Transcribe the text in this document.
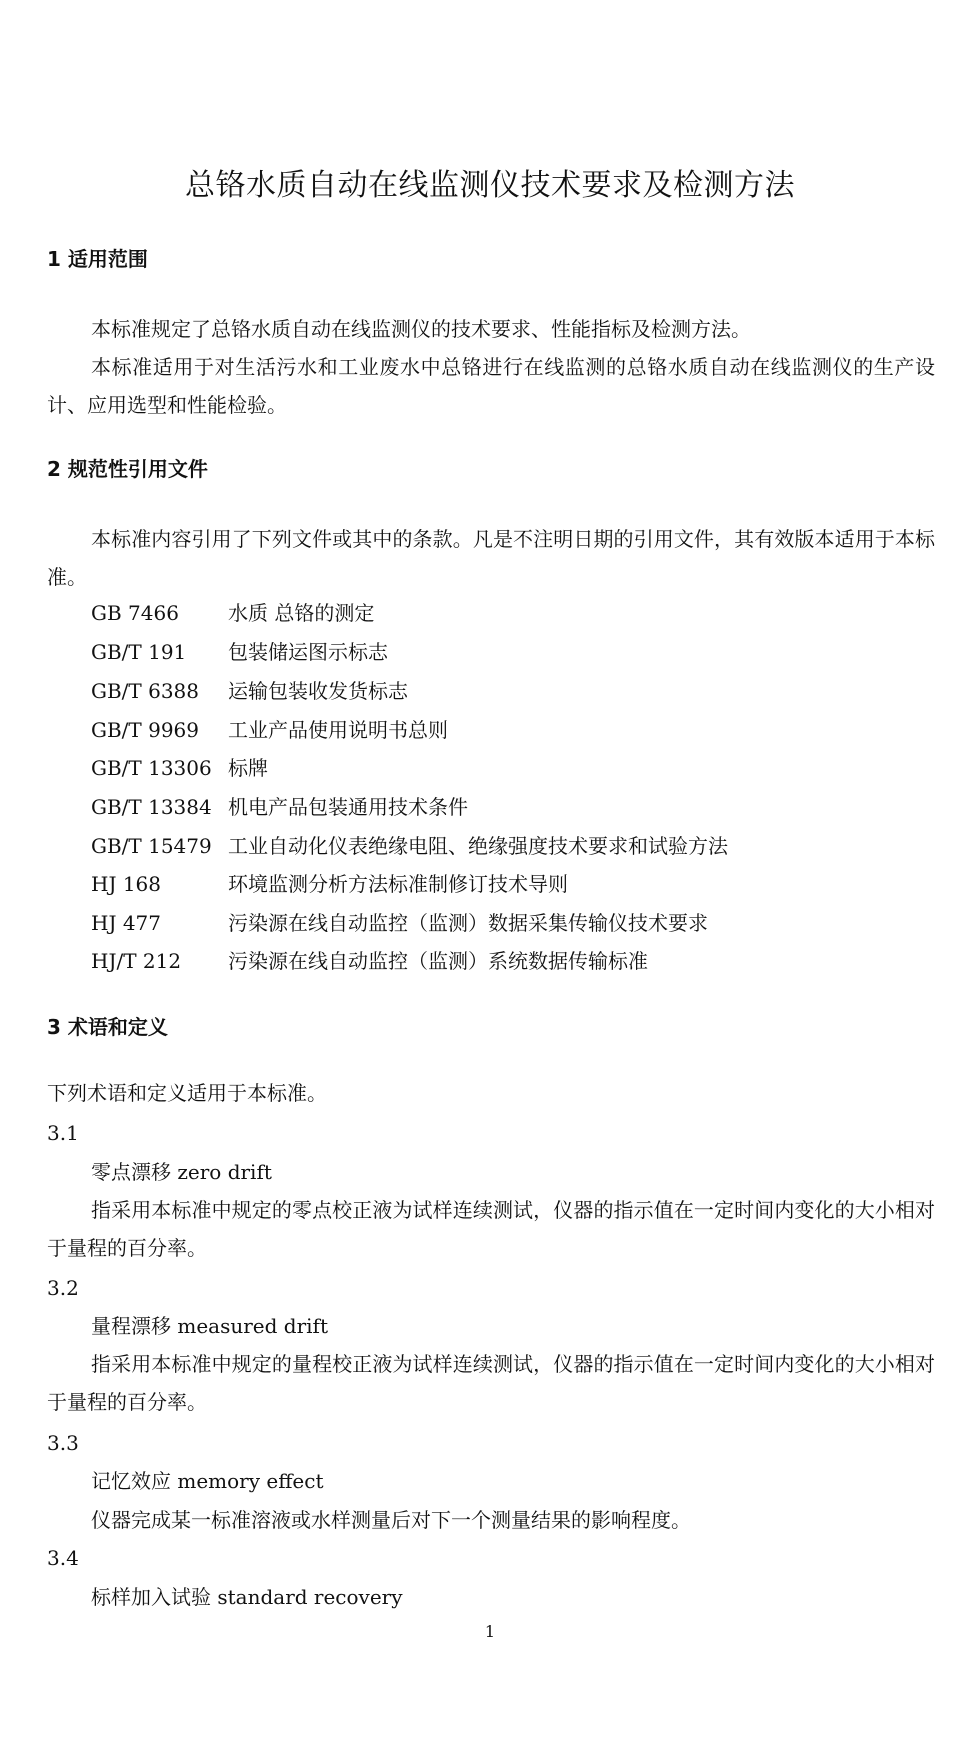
总铬水质自动在线监测仪技术要求及检测方法
1 适用范围
本标准规定了总铬水质自动在线监测仪的技术要求、性能指标及检测方法。
本标准适用于对生活污水和工业废水中总铬进行在线监测的总铬水质自动在线监测仪的生产设计、应用选型和性能检验。
2 规范性引用文件
本标准内容引用了下列文件或其中的条款。凡是不注明日期的引用文件，其有效版本适用于本标准。
GB 7466 水质 总铬的测定
GB/T 191 包装储运图示标志
GB/T 6388 运输包装收发货标志
GB/T 9969 工业产品使用说明书总则
GB/T 13306 标牌
GB/T 13384 机电产品包装通用技术条件
GB/T 15479 工业自动化仪表绝缘电阻、绝缘强度技术要求和试验方法
HJ 168	环境监测分析方法标准制修订技术导则
HJ 477	污染源在线自动监控（监测）数据采集传输仪技术要求
HJ/T 212 污染源在线自动监控（监测）系统数据传输标准
3 术语和定义
下列术语和定义适用于本标准。
3.1
零点漂移 zero drift
指采用本标准中规定的零点校正液为试样连续测试，仪器的指示值在一定时间内变化的大小相对于量程的百分率。
3.2
量程漂移 measured drift
指采用本标准中规定的量程校正液为试样连续测试，仪器的指示值在一定时间内变化的大小相对于量程的百分率。
3.3
记忆效应 memory effect
仪器完成某一标准溶液或水样测量后对下一个测量结果的影响程度。
3.4
标样加入试验 standard recovery
1
